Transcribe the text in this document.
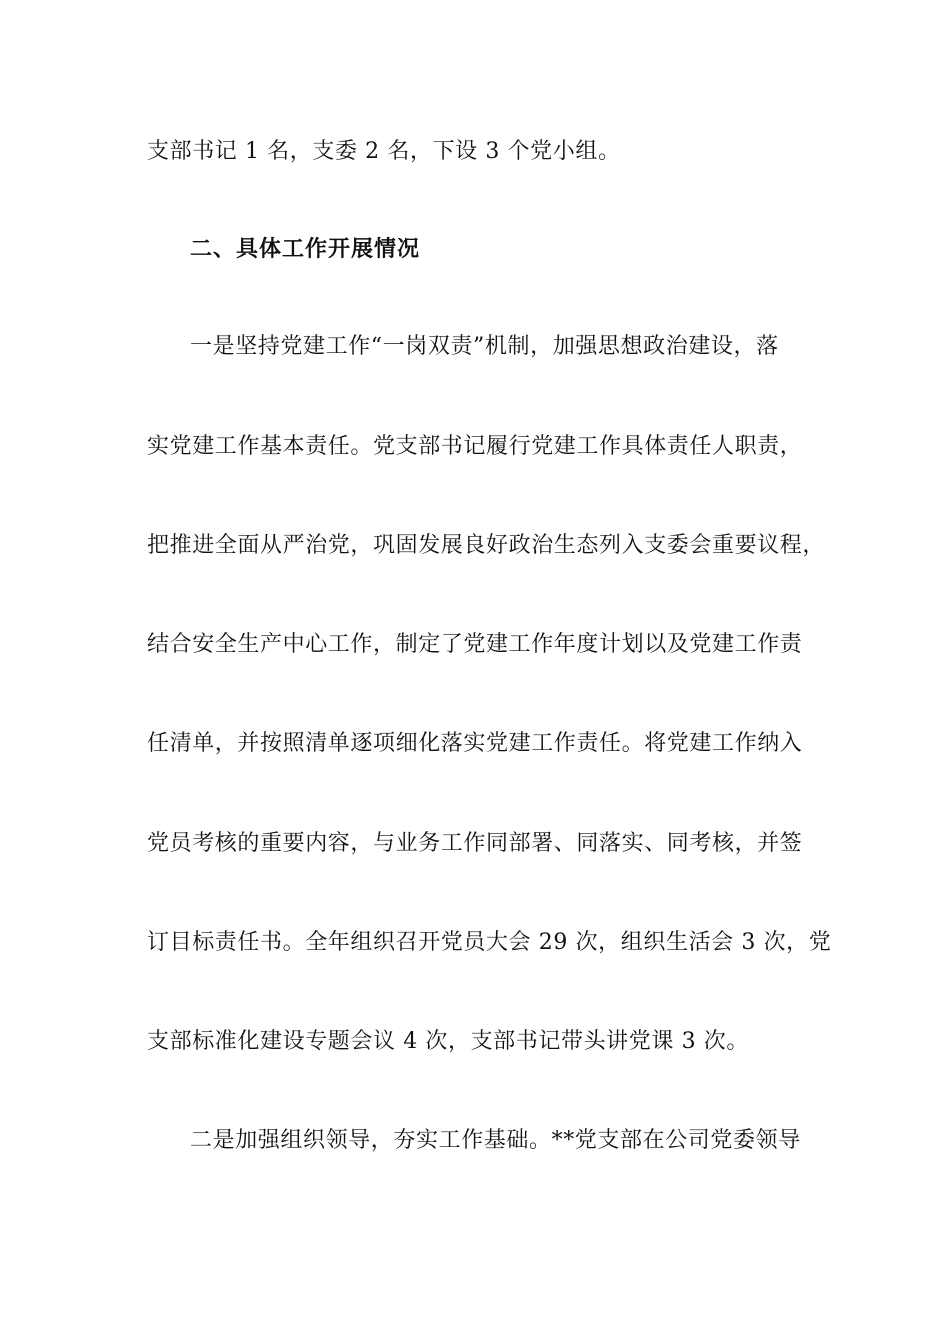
支部书记 1 名，支委 2 名，下设 3 个党小组。
二、具体工作开展情况
一是坚持党建工作“一岗双责”机制，加强思想政治建设，落
实党建工作基本责任。党支部书记履行党建工作具体责任人职责，
把推进全面从严治党，巩固发展良好政治生态列入支委会重要议程，
结合安全生产中心工作，制定了党建工作年度计划以及党建工作责
任清单，并按照清单逐项细化落实党建工作责任。将党建工作纳入
党员考核的重要内容，与业务工作同部署、同落实、同考核，并签
订目标责任书。全年组织召开党员大会 29 次，组织生活会 3 次，党
支部标准化建设专题会议 4 次，支部书记带头讲党课 3 次。
二是加强组织领导，夯实工作基础。**党支部在公司党委领导
